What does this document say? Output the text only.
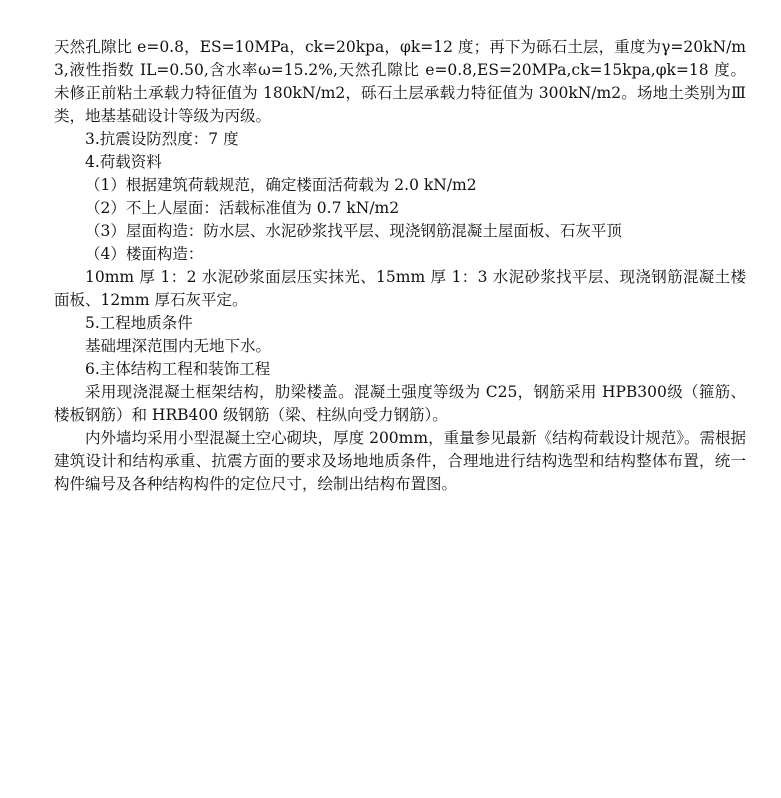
天然孔隙比 e=0.8，ES=10MPa，ck=20kpa，φk=12 度；再下为砾石土层，重度为γ=20kN/m3,液性指数 IL=0.50,含水率ω=15.2%,天然孔隙比 e=0.8,ES=20MPa,ck=15kpa,φk=18 度。未修正前粘土承载力特征值为 180kN/m2，砾石土层承载力特征值为 300kN/m2。场地土类别为Ⅲ类，地基基础设计等级为丙级。

3.抗震设防烈度：7 度

4.荷载资料

（1）根据建筑荷载规范，确定楼面活荷载为 2.0 kN/m2

（2）不上人屋面：活载标准值为 0.7 kN/m2

（3）屋面构造：防水层、水泥砂浆找平层、现浇钢筋混凝土屋面板、石灰平顶

（4）楼面构造：

10mm 厚 1：2 水泥砂浆面层压实抹光、15mm 厚 1：3 水泥砂浆找平层、现浇钢筋混凝土楼面板、12mm 厚石灰平定。

5.工程地质条件

基础埋深范围内无地下水。

6.主体结构工程和装饰工程

采用现浇混凝土框架结构，肋梁楼盖。混凝土强度等级为 C25，钢筋采用 HPB300级（箍筋、楼板钢筋）和 HRB400 级钢筋（梁、柱纵向受力钢筋）。

内外墙均采用小型混凝土空心砌块，厚度 200mm，重量参见最新《结构荷载设计规范》。需根据建筑设计和结构承重、抗震方面的要求及场地地质条件，合理地进行结构选型和结构整体布置，统一构件编号及各种结构构件的定位尺寸，绘制出结构布置图。
